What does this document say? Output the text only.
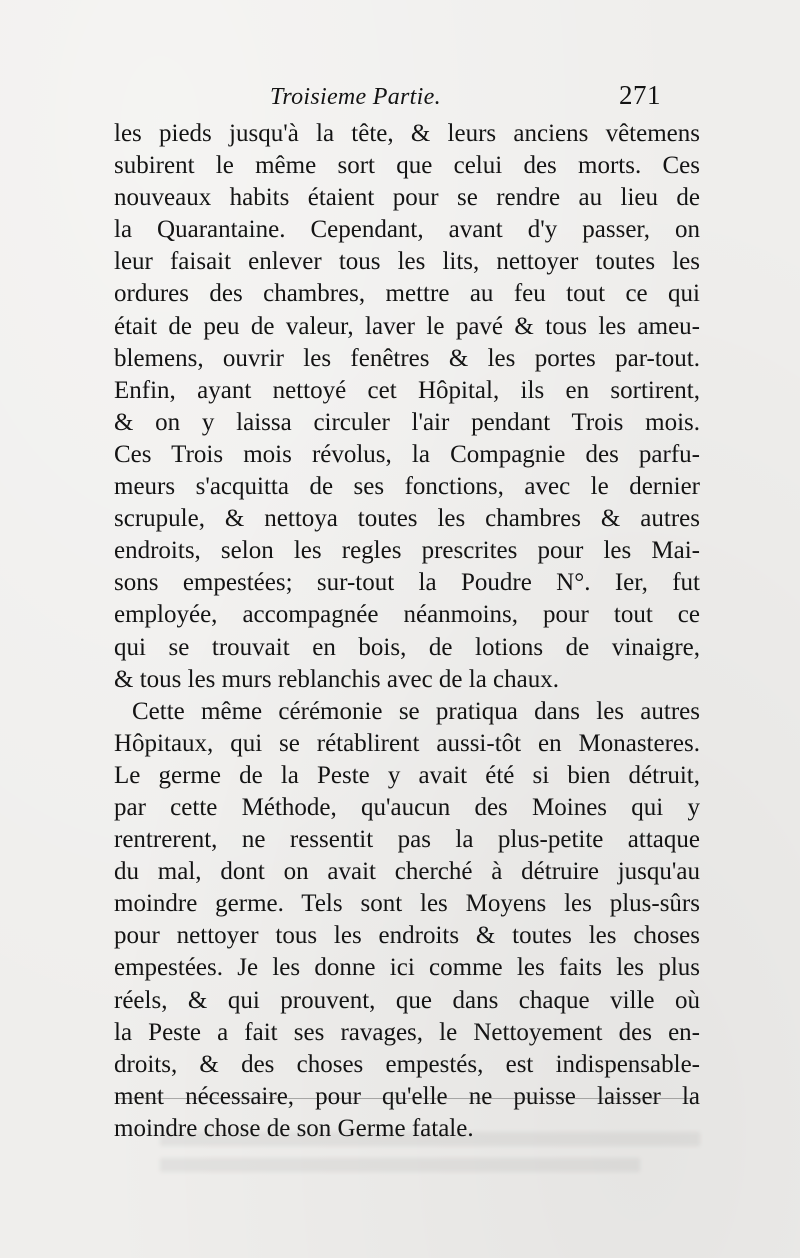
Troisieme Partie.	271
les pieds jusqu'à la tête, & leurs anciens vêtemens
subirent le même sort que celui des morts. Ces
nouveaux habits étaient pour se rendre au lieu de
la Quarantaine. Cependant, avant d'y passer, on
leur faisait enlever tous les lits, nettoyer toutes les
ordures des chambres, mettre au feu tout ce qui
était de peu de valeur, laver le pavé & tous les ameu-
blemens, ouvrir les fenêtres & les portes par-tout.
Enfin, ayant nettoyé cet Hôpital, ils en sortirent,
& on y laissa circuler l'air pendant Trois mois.
Ces Trois mois révolus, la Compagnie des parfu-
meurs s'acquitta de ses fonctions, avec le dernier
scrupule, & nettoya toutes les chambres & autres
endroits, selon les regles prescrites pour les Mai-
sons empestées; sur-tout la Poudre N°. Ier, fut
employée, accompagnée néanmoins, pour tout ce
qui se trouvait en bois, de lotions de vinaigre,
& tous les murs reblanchis avec de la chaux.
Cette même cérémonie se pratiqua dans les autres
Hôpitaux, qui se rétablirent aussi-tôt en Monasteres.
Le germe de la Peste y avait été si bien détruit,
par cette Méthode, qu'aucun des Moines qui y
rentrerent, ne ressentit pas la plus-petite attaque
du mal, dont on avait cherché à détruire jusqu'au
moindre germe. Tels sont les Moyens les plus-sûrs
pour nettoyer tous les endroits & toutes les choses
empestées. Je les donne ici comme les faits les plus
réels, & qui prouvent, que dans chaque ville où
la Peste a fait ses ravages, le Nettoyement des en-
droits, & des choses empestés, est indispensable-
ment nécessaire, pour qu'elle ne puisse laisser la
moindre chose de son Germe fatale.
